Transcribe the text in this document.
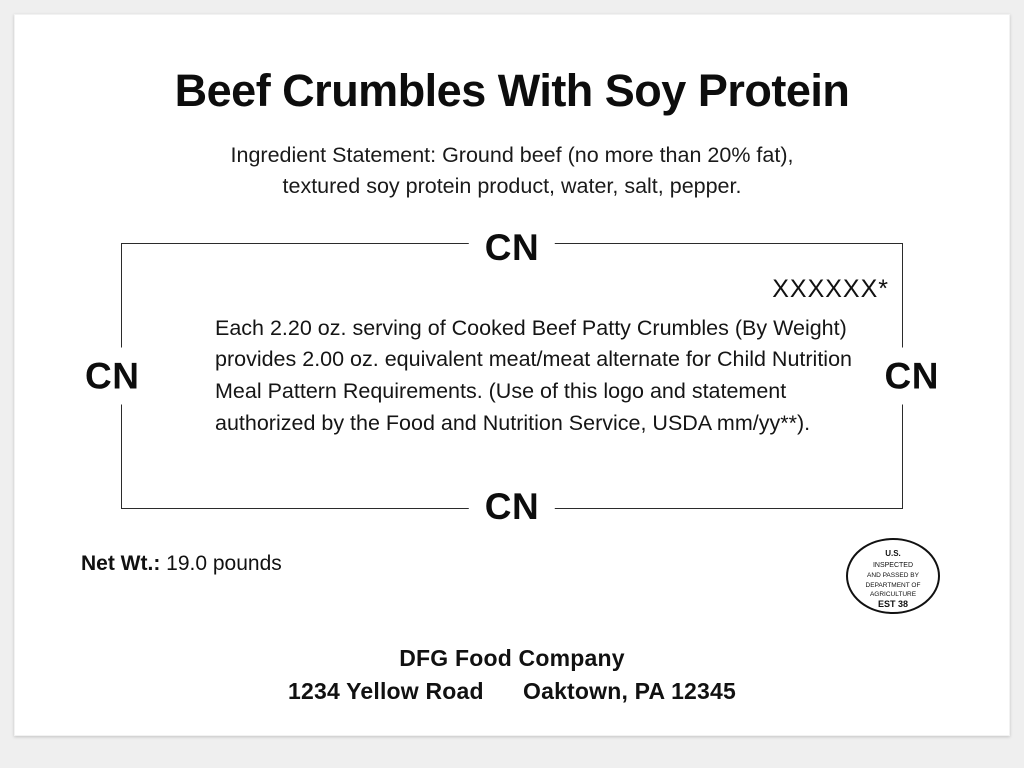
Beef Crumbles With Soy Protein
Ingredient Statement: Ground beef (no more than 20% fat),
textured soy protein product, water, salt, pepper.
CN
CN
CN	CN
XXXXXX*
Each 2.20 oz. serving of Cooked Beef Patty Crumbles (By Weight) provides 2.00 oz. equivalent meat/meat alternate for Child Nutrition Meal Pattern Requirements. (Use of this logo and statement authorized by the Food and Nutrition Service, USDA mm/yy**).
Net Wt.: 19.0 pounds	U.S.
INSPECTED
AND PASSED BY
DEPARTMENT OF
AGRICULTURE
EST 38
DFG Food Company
1234 Yellow Road Oaktown, PA 12345
